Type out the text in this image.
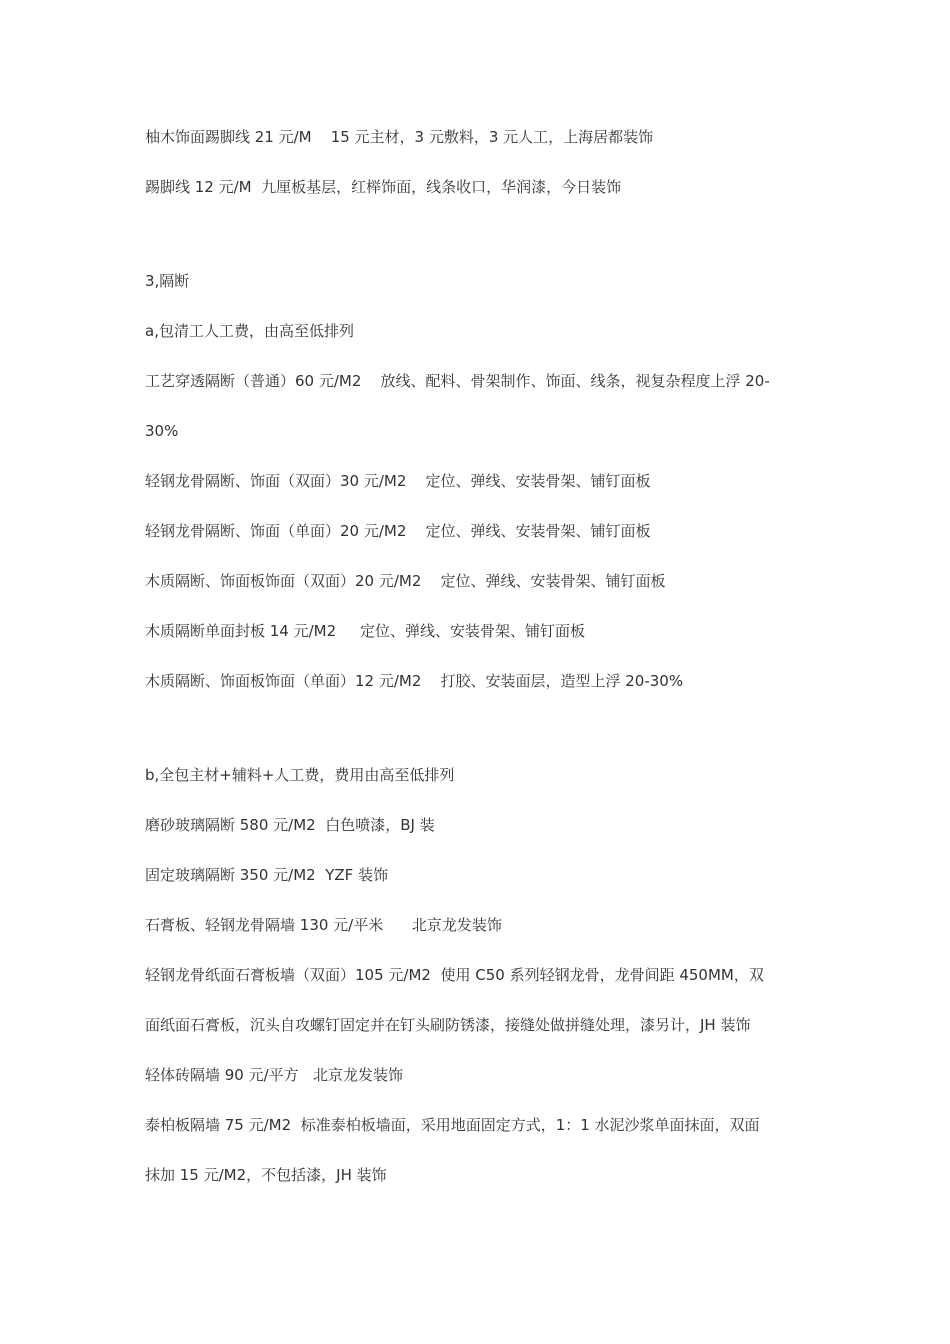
柚木饰面踢脚线 21 元/M    15 元主材，3 元敷料，3 元人工，上海居都装饰
踢脚线 12 元/M  九厘板基层，红榉饰面，线条收口，华润漆，今日装饰
3,隔断
a,包清工人工费，由高至低排列
工艺穿透隔断（普通）60 元/M2    放线、配料、骨架制作、饰面、线条，视复杂程度上浮 20-
30%
轻钢龙骨隔断、饰面（双面）30 元/M2    定位、弹线、安装骨架、铺钉面板
轻钢龙骨隔断、饰面（单面）20 元/M2    定位、弹线、安装骨架、铺钉面板
木质隔断、饰面板饰面（双面）20 元/M2    定位、弹线、安装骨架、铺钉面板
木质隔断单面封板 14 元/M2     定位、弹线、安装骨架、铺钉面板
木质隔断、饰面板饰面（单面）12 元/M2    打胶、安装面层，造型上浮 20-30%
b,全包主材+辅料+人工费，费用由高至低排列
磨砂玻璃隔断 580 元/M2  白色喷漆，BJ 装
固定玻璃隔断 350 元/M2  YZF 装饰
石膏板、轻钢龙骨隔墙 130 元/平米      北京龙发装饰
轻钢龙骨纸面石膏板墙（双面）105 元/M2  使用 C50 系列轻钢龙骨，龙骨间距 450MM，双
面纸面石膏板，沉头自攻螺钉固定并在钉头刷防锈漆，接缝处做拼缝处理，漆另计，JH 装饰
轻体砖隔墙 90 元/平方   北京龙发装饰
泰柏板隔墙 75 元/M2  标准泰柏板墙面，采用地面固定方式，1：1 水泥沙浆单面抹面，双面
抹加 15 元/M2，不包括漆，JH 装饰
